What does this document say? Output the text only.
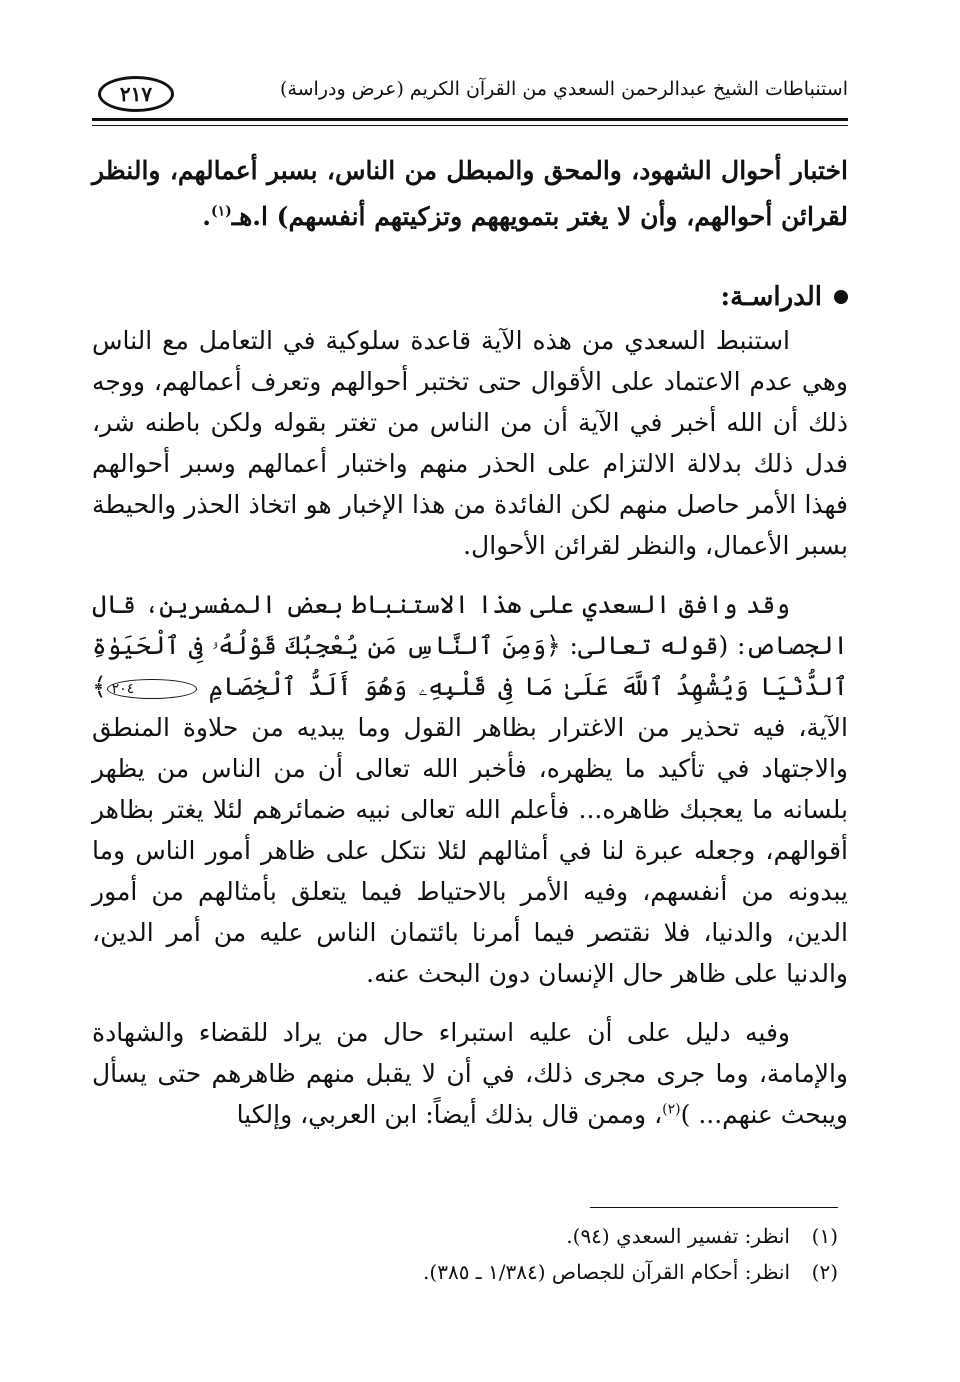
استنباطات الشيخ عبدالرحمن السعدي من القرآن الكريم (عرض ودراسة)
٢١٧

اختبار أحوال الشهود، والمحق والمبطل من الناس، بسبر أعمالهم، والنظر لقرائن أحوالهم، وأن لا يغتر بتمويههم وتزكيتهم أنفسهم) ا.هـ$^{(١)}$.

الدراسـة:

استنبط السعدي من هذه الآية قاعدة سلوكية في التعامل مع الناس وهي عدم الاعتماد على الأقوال حتى تختبر أحوالهم وتعرف أعمالهم، ووجه ذلك أن الله أخبر في الآية أن من الناس من تغتر بقوله ولكن باطنه شر، فدل ذلك بدلالة الالتزام على الحذر منهم واختبار أعمالهم وسبر أحوالهم فهذا الأمر حاصل منهم لكن الفائدة من هذا الإخبار هو اتخاذ الحذر والحيطة بسبر الأعمال، والنظر لقرائن الأحوال.

وقد وافق السعدي على هذا الاستنباط بعض المفسرين، قال الجصاص: (قوله تعالى: ﴿وَمِنَ ٱلنَّاسِ مَن يُعْجِبُكَ قَوْلُهُۥ فِى ٱلْحَيَوٰةِ ٱلدُّنْيَا وَيُشْهِدُ ٱللَّهَ عَلَىٰ مَا فِى قَلْبِهِۦ وَهُوَ أَلَدُّ ٱلْخِصَامِ ٢٠٤﴾ الآية، فيه تحذير من الاغترار بظاهر القول وما يبديه من حلاوة المنطق والاجتهاد في تأكيد ما يظهره، فأخبر الله تعالى أن من الناس من يظهر بلسانه ما يعجبك ظاهره... فأعلم الله تعالى نبيه ضمائرهم لئلا يغتر بظاهر أقوالهم، وجعله عبرة لنا في أمثالهم لئلا نتكل على ظاهر أمور الناس وما يبدونه من أنفسهم، وفيه الأمر بالاحتياط فيما يتعلق بأمثالهم من أمور الدين، والدنيا، فلا نقتصر فيما أمرنا بائتمان الناس عليه من أمر الدين، والدنيا على ظاهر حال الإنسان دون البحث عنه.

وفيه دليل على أن عليه استبراء حال من يراد للقضاء والشهادة والإمامة، وما جرى مجرى ذلك، في أن لا يقبل منهم ظاهرهم حتى يسأل ويبحث عنهم... )$^{(٢)}$، وممن قال بذلك أيضاً: ابن العربي، وإلكيا

(١)
انظر: تفسير السعدي (٩٤).
(٢)
انظر: أحكام القرآن للجصاص (١/٣٨٤ ـ ٣٨٥).
